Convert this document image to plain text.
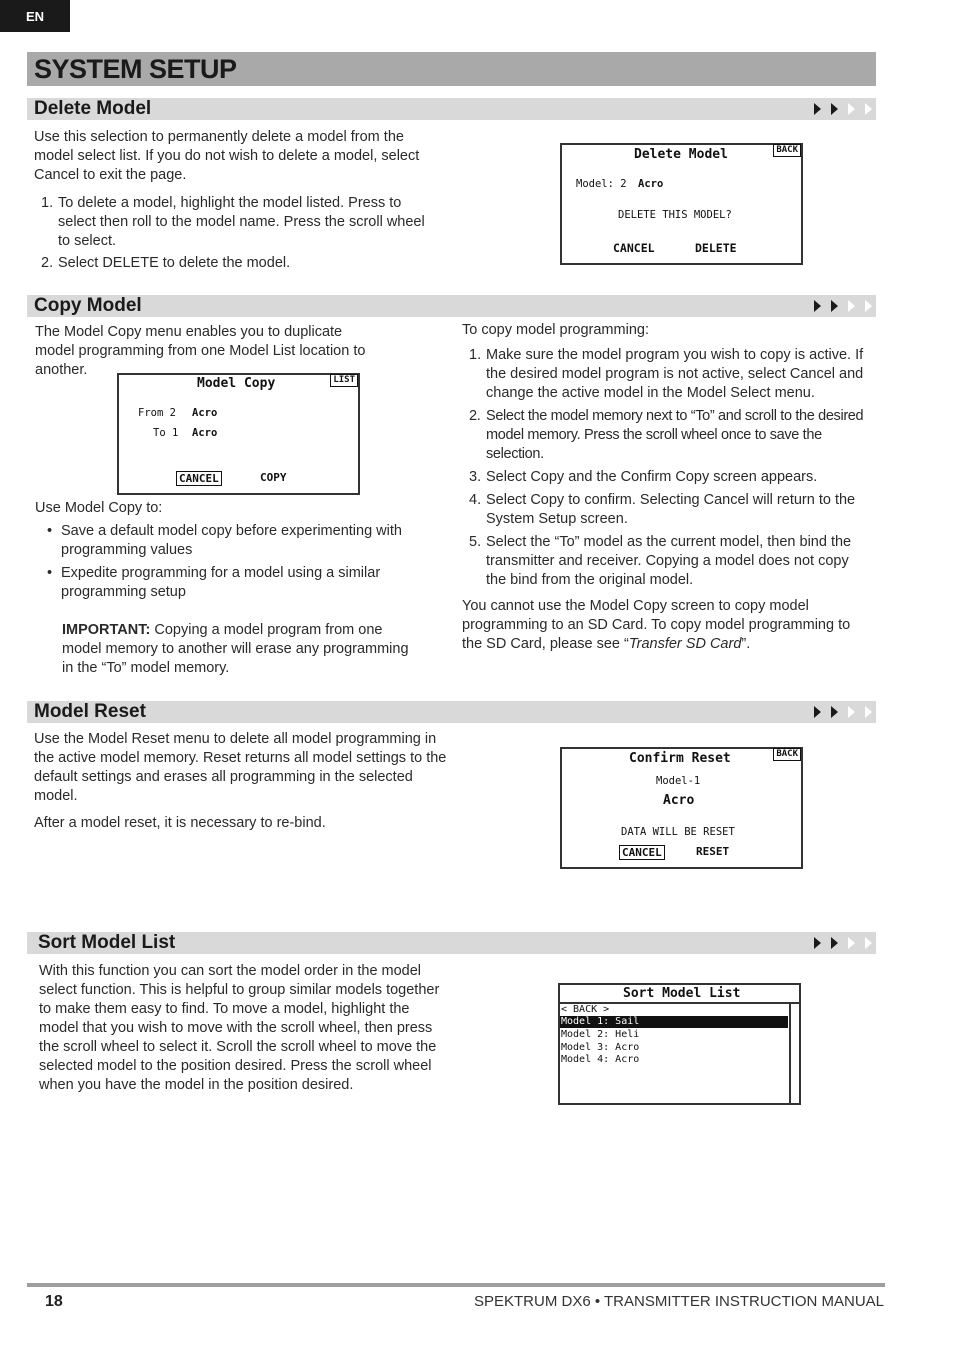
EN
SYSTEM SETUP
Delete Model

Use this selection to permanently delete a model from the model select list. If you do not wish to delete a model, select Cancel to exit the page.

1. To delete a model, highlight the model listed. Press to select then roll to the model name. Press the scroll wheel to select.
2. Select DELETE to delete the model.
Delete Model	BACK
Model: 2 Acro
DELETE THIS MODEL?
CANCEL	DELETE
Copy Model
The Model Copy menu enables you to duplicate model programming from one Model List location to another.
Model Copy	LIST
From 2 Acro
To 1 Acro
CANCEL	COPY

Use Model Copy to:

• Save a default model copy before experimenting with programming values
• Expedite programming for a model using a similar programming setup

IMPORTANT: Copying a model program from one model memory to another will erase any programming in the “To” model memory.

To copy model programming:

1. Make sure the model program you wish to copy is active. If the desired model program is not active, select Cancel and change the active model in the Model Select menu.
2. Select the model memory next to “To” and scroll to the desired model memory. Press the scroll wheel once to save the selection.
3. Select Copy and the Confirm Copy screen appears.
4. Select Copy to confirm. Selecting Cancel will return to the System Setup screen.
5. Select the “To” model as the current model, then bind the transmitter and receiver. Copying a model does not copy the bind from the original model.

You cannot use the Model Copy screen to copy model programming to an SD Card. To copy model programming to the SD Card, please see “Transfer SD Card”.

Model Reset

Use the Model Reset menu to delete all model programming in the active model memory. Reset returns all model settings to the default settings and erases all programming in the selected model.

After a model reset, it is necessary to re-bind.

Confirm Reset	BACK
Model-1
Acro
DATA WILL BE RESET
CANCEL	RESET
Sort Model List
With this function you can sort the model order in the model select function. This is helpful to group similar models together to make them easy to find. To move a model, highlight the model that you wish to move with the scroll wheel, then press the scroll wheel to select it. Scroll the scroll wheel to move the selected model to the position desired. Press the scroll wheel when you have the model in the position desired.
Sort Model List
< BACK >
Model 1: Sail
Model 2: Heli
Model 3: Acro
Model 4: Acro
18	SPEKTRUM DX6 • TRANSMITTER INSTRUCTION MANUAL
